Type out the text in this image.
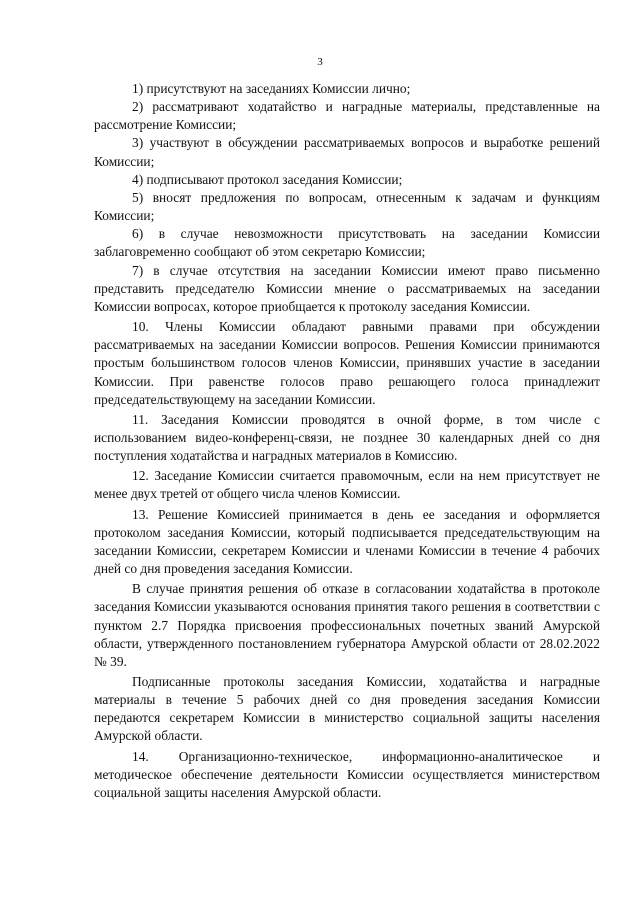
3

1) присутствуют на заседаниях Комиссии лично;

2) рассматривают ходатайство и наградные материалы, представленные на рассмотрение Комиссии;

3) участвуют в обсуждении рассматриваемых вопросов и выработке решений Комиссии;

4) подписывают протокол заседания Комиссии;

5) вносят предложения по вопросам, отнесенным к задачам и функциям Комиссии;

6) в случае невозможности присутствовать на заседании Комиссии заблаговременно сообщают об этом секретарю Комиссии;

7) в случае отсутствия на заседании Комиссии имеют право письменно представить председателю Комиссии мнение о рассматриваемых на заседании Комиссии вопросах, которое приобщается к протоколу заседания Комиссии.

10. Члены Комиссии обладают равными правами при обсуждении рассматриваемых на заседании Комиссии вопросов. Решения Комиссии принимаются простым большинством голосов членов Комиссии, принявших участие в заседании Комиссии. При равенстве голосов право решающего голоса принадлежит председательствующему на заседании Комиссии.

11. Заседания Комиссии проводятся в очной форме, в том числе с использованием видео-конференц-связи, не позднее 30 календарных дней со дня поступления ходатайства и наградных материалов в Комиссию.

12. Заседание Комиссии считается правомочным, если на нем присутствует не менее двух третей от общего числа членов Комиссии.

13. Решение Комиссией принимается в день ее заседания и оформляется протоколом заседания Комиссии, который подписывается председательствующим на заседании Комиссии, секретарем Комиссии и членами Комиссии в течение 4 рабочих дней со дня проведения заседания Комиссии.

В случае принятия решения об отказе в согласовании ходатайства в протоколе заседания Комиссии указываются основания принятия такого решения в соответствии с пунктом 2.7 Порядка присвоения профессиональных почетных званий Амурской области, утвержденного постановлением губернатора Амурской области от 28.02.2022 № 39.

Подписанные протоколы заседания Комиссии, ходатайства и наградные материалы в течение 5 рабочих дней со дня проведения заседания Комиссии передаются секретарем Комиссии в министерство социальной защиты населения Амурской области.

14. Организационно-техническое, информационно-аналитическое и методическое обеспечение деятельности Комиссии осуществляется министерством социальной защиты населения Амурской области.
